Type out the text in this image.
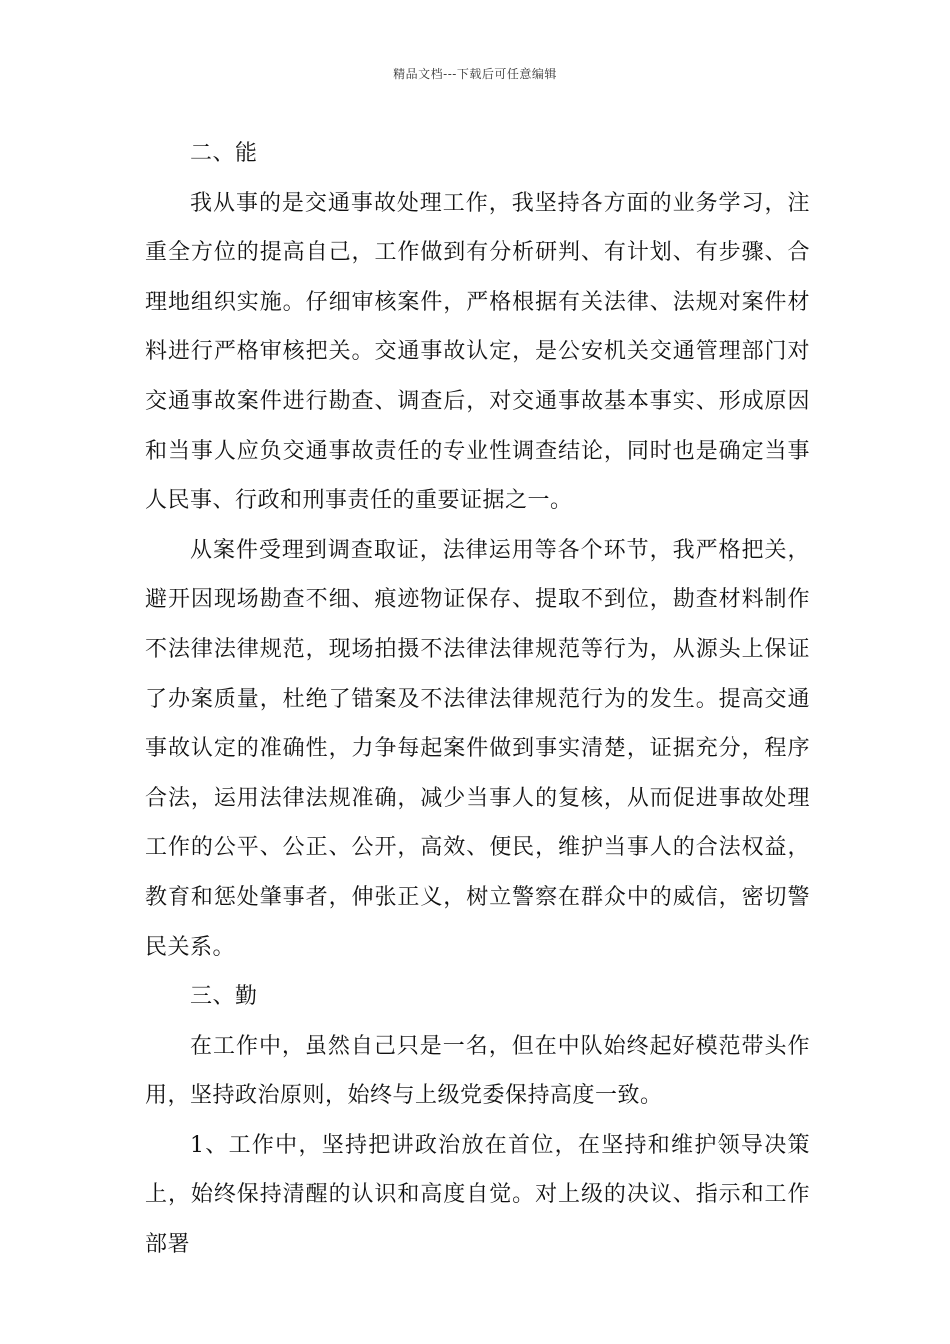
精品文档---下载后可任意编辑

二、能

我从事的是交通事故处理工作，我坚持各方面的业务学习，注重全方位的提高自己，工作做到有分析研判、有计划、有步骤、合理地组织实施。仔细审核案件，严格根据有关法律、法规对案件材料进行严格审核把关。交通事故认定，是公安机关交通管理部门对交通事故案件进行勘查、调查后，对交通事故基本事实、形成原因和当事人应负交通事故责任的专业性调查结论，同时也是确定当事人民事、行政和刑事责任的重要证据之一。

从案件受理到调查取证，法律运用等各个环节，我严格把关，避开因现场勘查不细、痕迹物证保存、提取不到位，勘查材料制作不法律法律规范，现场拍摄不法律法律规范等行为，从源头上保证了办案质量，杜绝了错案及不法律法律规范行为的发生。提高交通事故认定的准确性，力争每起案件做到事实清楚，证据充分，程序合法，运用法律法规准确，减少当事人的复核，从而促进事故处理工作的公平、公正、公开，高效、便民，维护当事人的合法权益，教育和惩处肇事者，伸张正义，树立警察在群众中的威信，密切警民关系。

三、勤

在工作中，虽然自己只是一名，但在中队始终起好模范带头作用，坚持政治原则，始终与上级党委保持高度一致。

1、工作中，坚持把讲政治放在首位，在坚持和维护领导决策上，始终保持清醒的认识和高度自觉。对上级的决议、指示和工作部署
